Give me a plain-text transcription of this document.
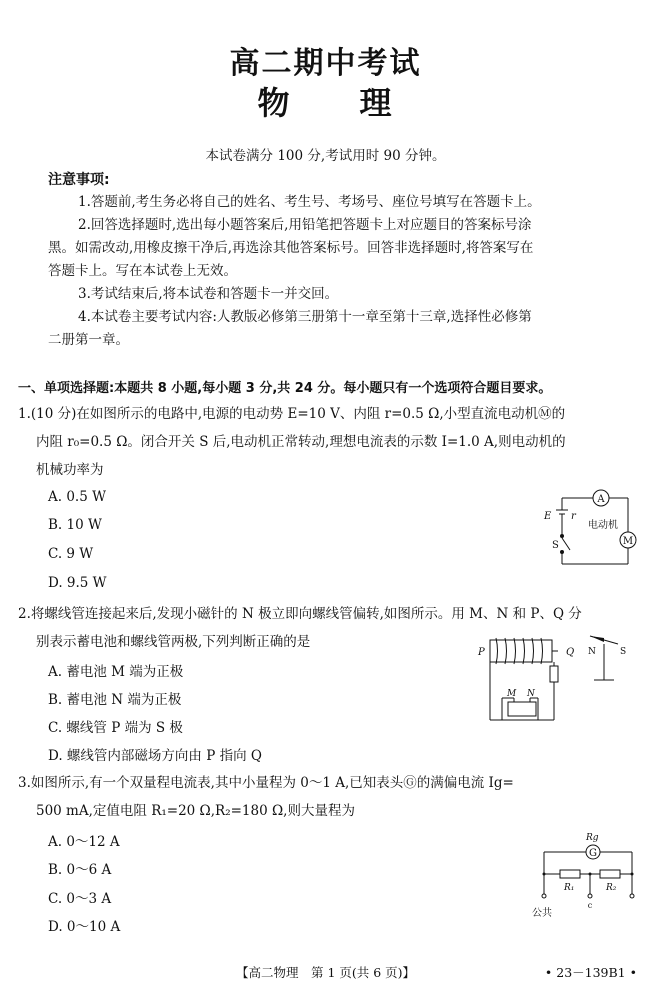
高二期中考试
物　　理
本试卷满分 100 分,考试用时 90 分钟。
注意事项:
1.答题前,考生务必将自己的姓名、考生号、考场号、座位号填写在答题卡上。
2.回答选择题时,选出每小题答案后,用铅笔把答题卡上对应题目的答案标号涂
黑。如需改动,用橡皮擦干净后,再选涂其他答案标号。回答非选择题时,将答案写在
答题卡上。写在本试卷上无效。
3.考试结束后,将本试卷和答题卡一并交回。
4.本试卷主要考试内容:人教版必修第三册第十一章至第十三章,选择性必修第
二册第一章。
一、单项选择题:本题共 8 小题,每小题 3 分,共 24 分。每小题只有一个选项符合题目要求。
1.(10 分)在如图所示的电路中,电源的电动势 E=10 V、内阻 r=0.5 Ω,小型直流电动机Ⓜ的
内阻 r₀=0.5 Ω。闭合开关 S 后,电动机正常转动,理想电流表的示数 I=1.0 A,则电动机的
机械功率为
A. 0.5 W
B. 10 W
C. 9 W
D. 9.5 W
A
M
E r
S
电动机
2.将螺线管连接起来后,发现小磁针的 N 极立即向螺线管偏转,如图所示。用 M、N 和 P、Q 分
别表示蓄电池和螺线管两极,下列判断正确的是
A. 蓄电池 M 端为正极
B. 蓄电池 N 端为正极
C. 螺线管 P 端为 S 极
D. 螺线管内部磁场方向由 P 指向 Q
P	Q
M N
N	S
3.如图所示,有一个双量程电流表,其中小量程为 0～1 A,已知表头Ⓖ的满偏电流 Ig=
500 mA,定值电阻 R₁=20 Ω,R₂=180 Ω,则大量程为
A. 0～12 A
B. 0～6 A
C. 0～3 A
D. 0～10 A
G
Rg
R₁	R₂
c
公共
【高二物理　第 1 页(共 6 页)】	• 23－139B1 •
